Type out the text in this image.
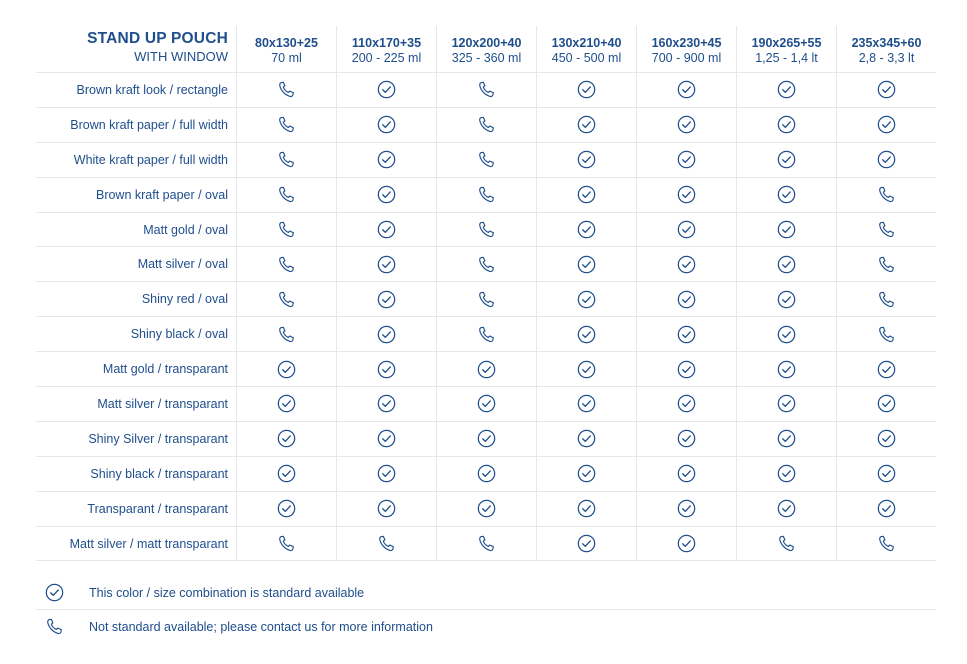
STAND UP POUCH
WITH WINDOW
80x130+25
70 ml
110x170+35
200 - 225 ml
120x200+40
325 - 360 ml
130x210+40
450 - 500 ml
160x230+45
700 - 900 ml
190x265+55
1,25 - 1,4 lt
235x345+60
2,8 - 3,3 lt
Brown kraft look / rectangle
Brown kraft paper / full width
White kraft paper / full width
Brown kraft paper / oval
Matt gold / oval
Matt silver / oval
Shiny red / oval
Shiny black / oval
Matt gold / transparant
Matt silver / transparant
Shiny Silver / transparant
Shiny black / transparant
Transparant / transparant
Matt silver / matt transparant
This color / size combination is standard available
Not standard available; please contact us for more information
